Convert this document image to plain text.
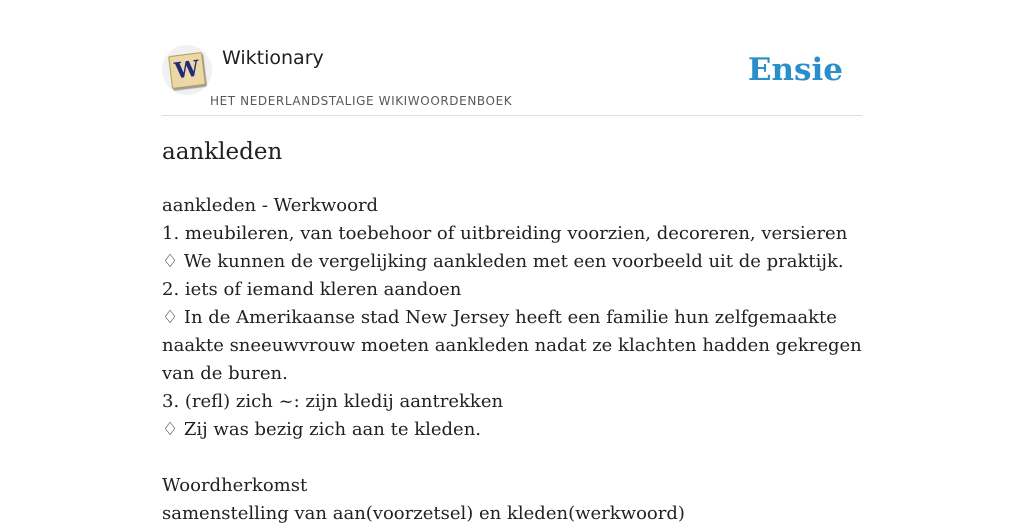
W Wiktionary
HET NEDERLANDSTALIGE WIKIWOORDENBOEK
Ensie
aankleden

aankleden - Werkwoord

1. meubileren, van toebehoor of uitbreiding voorzien, decoreren, versieren

♢ We kunnen de vergelijking aankleden met een voorbeeld uit de praktijk.

2. iets of iemand kleren aandoen

♢ In de Amerikaanse stad New Jersey heeft een familie hun zelfgemaakte naakte sneeuwvrouw moeten aankleden nadat ze klachten hadden gekregen van de buren.

3. (refl) zich ~: zijn kledij aantrekken

♢ Zij was bezig zich aan te kleden.

Woordherkomst

samenstelling van aan(voorzetsel) en kleden(werkwoord)
